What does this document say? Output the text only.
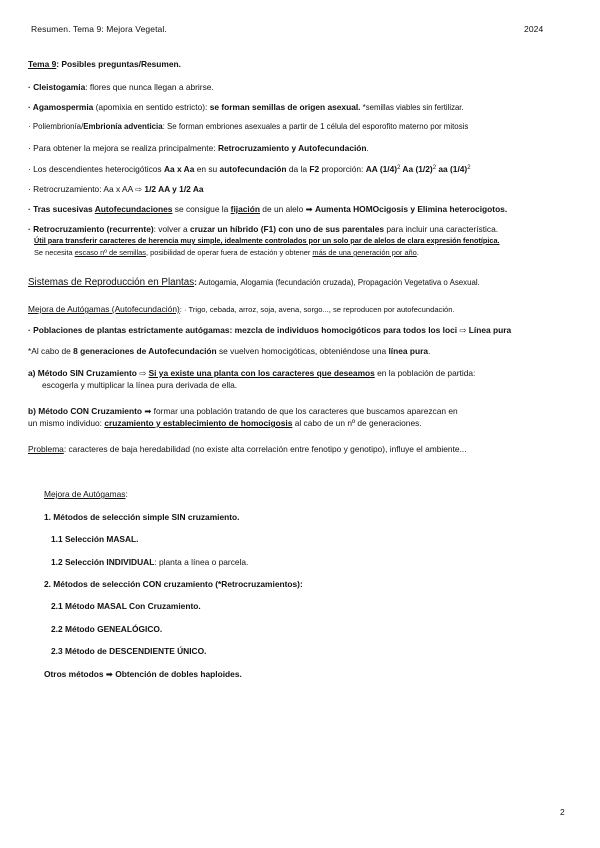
Resumen. Tema 9: Mejora Vegetal.	2024
Tema 9: Posibles preguntas/Resumen.
· Cleistogamia: flores que nunca llegan a abrirse.
· Agamospermia (apomixia en sentido estricto): se forman semillas de origen asexual. *semillas viables sin fertilizar.
· Poliembrionía/Embrionía adventicia: Se forman embriones asexuales a partir de 1 célula del esporofito materno por mitosis
· Para obtener la mejora se realiza principalmente: Retrocruzamiento y Autofecundación.
· Los descendientes heterocigóticos Aa x Aa en su autofecundación da la F2 proporción: AA $(1/4)^2$ Aa $(1/2)^2$ aa $(1/4)^2$
· Retrocruzamiento: Aa x AA ⇨ 1/2 AA y 1/2 Aa
· Tras sucesivas Autofecundaciones se consigue la fijación de un alelo ➡ Aumenta HOMOcigosis y Elimina heterocigotos.
· Retrocruzamiento (recurrente): volver a cruzar un híbrido (F1) con uno de sus parentales para incluir una característica.
Útil para transferir caracteres de herencia muy simple, idealmente controlados por un solo par de alelos de clara expresión fenotípica.
Se necesita escaso nº de semillas, posibilidad de operar fuera de estación y obtener más de una generación por año.
Sistemas de Reproducción en Plantas: Autogamia, Alogamia (fecundación cruzada), Propagación Vegetativa o Asexual.
Mejora de Autógamas (Autofecundación): · Trigo, cebada, arroz, soja, avena, sorgo..., se reproducen por autofecundación.
· Poblaciones de plantas estrictamente autógamas: mezcla de individuos homocigóticos para todos los loci ⇨ Línea pura
*Al cabo de 8 generaciones de Autofecundación se vuelven homocigóticas, obteniéndose una línea pura.
a) Método SIN Cruzamiento ⇨ Si ya existe una planta con los caracteres que deseamos en la población de partida:
escogerla y multiplicar la línea pura derivada de ella.
b) Método CON Cruzamiento ➡ formar una población tratando de que los caracteres que buscamos aparezcan en
un mismo individuo: cruzamiento y establecimiento de homocigosis al cabo de un nº de generaciones.
Problema: caracteres de baja heredabilidad (no existe alta correlación entre fenotipo y genotipo), influye el ambiente...
Mejora de Autógamas:
1. Métodos de selección simple SIN cruzamiento.
1.1 Selección MASAL.
1.2 Selección INDIVIDUAL: planta a línea o parcela.
2. Métodos de selección CON cruzamiento (*Retrocruzamientos):
2.1 Método MASAL Con Cruzamiento.
2.2 Método GENEALÓGICO.
2.3 Método de DESCENDIENTE ÚNICO.
Otros métodos ➡ Obtención de dobles haploides.
2
